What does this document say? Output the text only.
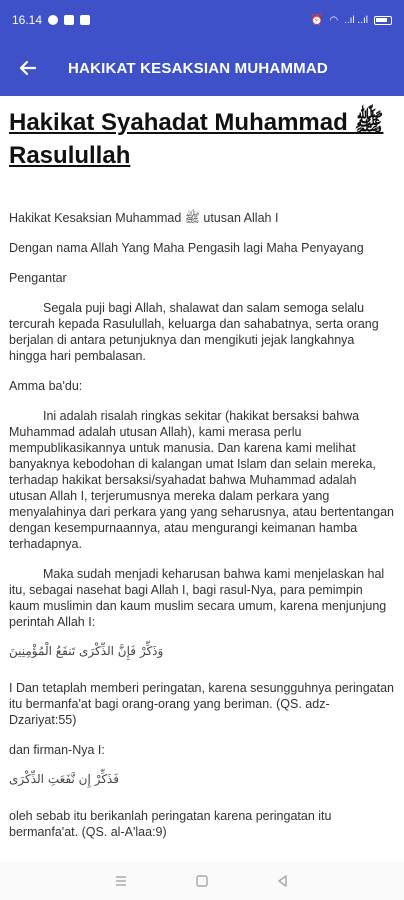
16.14	⏰ ◠ ..ıl ..ıl
HAKIKAT KESAKSIAN MUHAMMAD
Hakikat Syahadat Muhammad ﷺ Rasulullah

Hakikat Kesaksian Muhammad ﷺ utusan Allah Ι

Dengan nama Allah Yang Maha Pengasih lagi Maha Penyayang

Pengantar

Segala puji bagi Allah, shalawat dan salam semoga selalu tercurah kepada Rasulullah, keluarga dan sahabatnya, serta orang berjalan di antara petunjuknya dan mengikuti jejak langkahnya hingga hari pembalasan.

Amma ba'du:

Ini adalah risalah ringkas sekitar (hakikat bersaksi bahwa Muhammad adalah utusan Allah), kami merasa perlu mempublikasikannya untuk manusia. Dan karena kami melihat banyaknya kebodohan di kalangan umat Islam dan selain mereka, terhadap hakikat bersaksi/syahadat bahwa Muhammad adalah utusan Allah Ι, terjerumusnya mereka dalam perkara yang menyalahinya dari perkara yang yang seharusnya, atau bertentangan dengan kesempurnaannya, atau mengurangi keimanan hamba terhadapnya.

Maka sudah menjadi keharusan bahwa kami menjelaskan hal itu, sebagai nasehat bagi Allah Ι, bagi rasul-Nya, para pemimpin kaum muslimin dan kaum muslim secara umum, karena menjunjung perintah Allah Ι:

وَذَكِّرْ فَإِنَّ الذِّكْرَى تَنفَعُ الْمُؤْمِنِينَ

Ι Dan tetaplah memberi peringatan, karena sesungguhnya peringatan itu bermanfa'at bagi orang-orang yang beriman. (QS. adz-Dzariyat:55)

dan firman-Nya Ι:

فَذَكِّرْ إِن نَّفَعَتِ الذِّكْرَى

oleh sebab itu berikanlah peringatan karena peringatan itu bermanfa'at. (QS. al-A'laa:9)
